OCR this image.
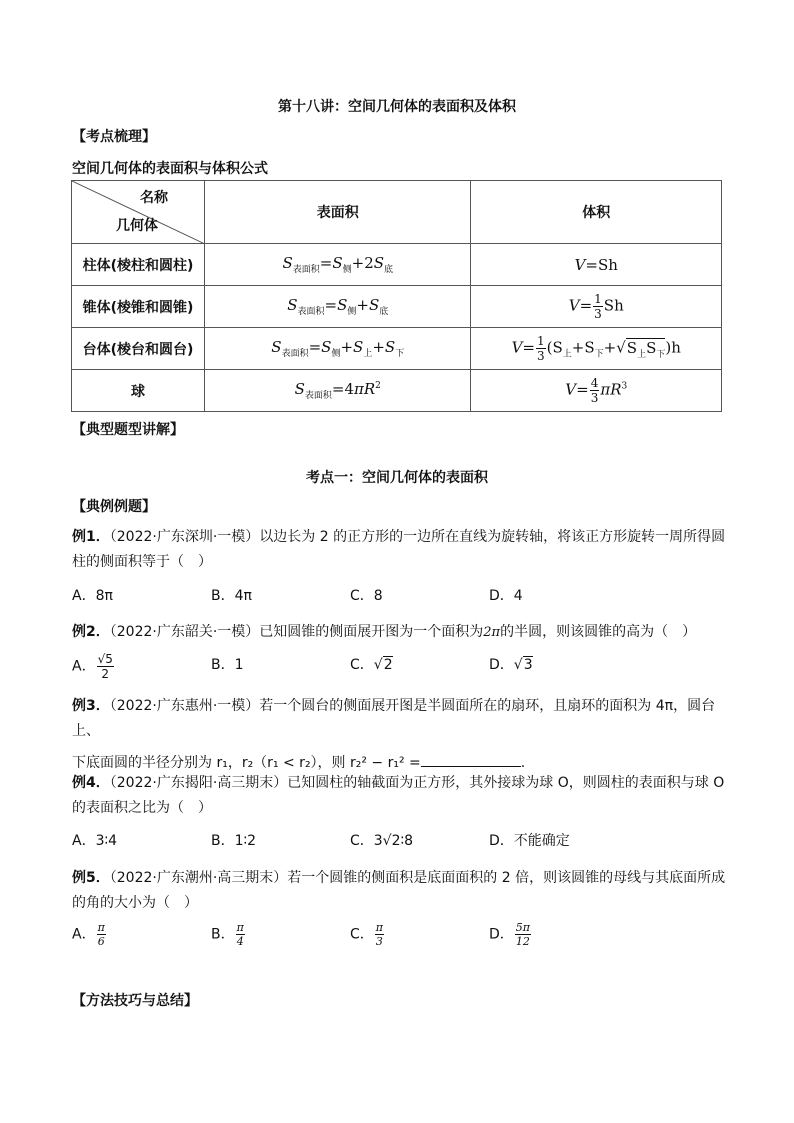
第十八讲：空间几何体的表面积及体积
【考点梳理】
空间几何体的表面积与体积公式
名称
几何体	表面积	体积
柱体(棱柱和圆柱)	$S_{表面积}=S_侧+2S_底$	V=Sh
锥体(棱锥和圆锥)	$S_{表面积}=S_侧+S_底$	$V= \frac{1}{3}$ Sh
台体(棱台和圆台)	$S_{表面积}=S_侧+S_上+S_下$	$V= \frac{1}{3} (S_上+S_下+√S_上S_下)h$
球	$S_{表面积}=4\pi R^2$	$V= \frac{4}{3} \pi R^3$
【典型题型讲解】
考点一：空间几何体的表面积
【典例例题】
例1．（2022·广东深圳·一模）以边长为 2 的正方形的一边所在直线为旋转轴，将该正方形旋转一周所得圆
柱的侧面积等于（　）
A．8π	B．4π	C．8	D．4
例2．（2022·广东韶关·一模）已知圆锥的侧面展开图为一个面积为2π的半圆，则该圆锥的高为（　）
A． $\frac{√5}{2}$	B．1	C．√2	D．√3
例3．（2022·广东惠州·一模）若一个圆台的侧面展开图是半圆面所在的扇环，且扇环的面积为 4π，圆台上、
下底面圆的半径分别为 r₁，r₂（r₁ < r₂），则 r₂² − r₁² =	.
例4．（2022·广东揭阳·高三期末）已知圆柱的轴截面为正方形，其外接球为球 O，则圆柱的表面积与球 O
的表面积之比为（　）
A．3∶4	B．1∶2	C．3√2∶8	D．不能确定
例5．（2022·广东潮州·高三期末）若一个圆锥的侧面积是底面面积的 2 倍，则该圆锥的母线与其底面所成
的角的大小为（　）
A． $\frac{\pi}{6}$	B． $\frac{\pi}{4}$	C． $\frac{\pi}{3}$	D． $\frac{5\pi}{12}$
【方法技巧与总结】
